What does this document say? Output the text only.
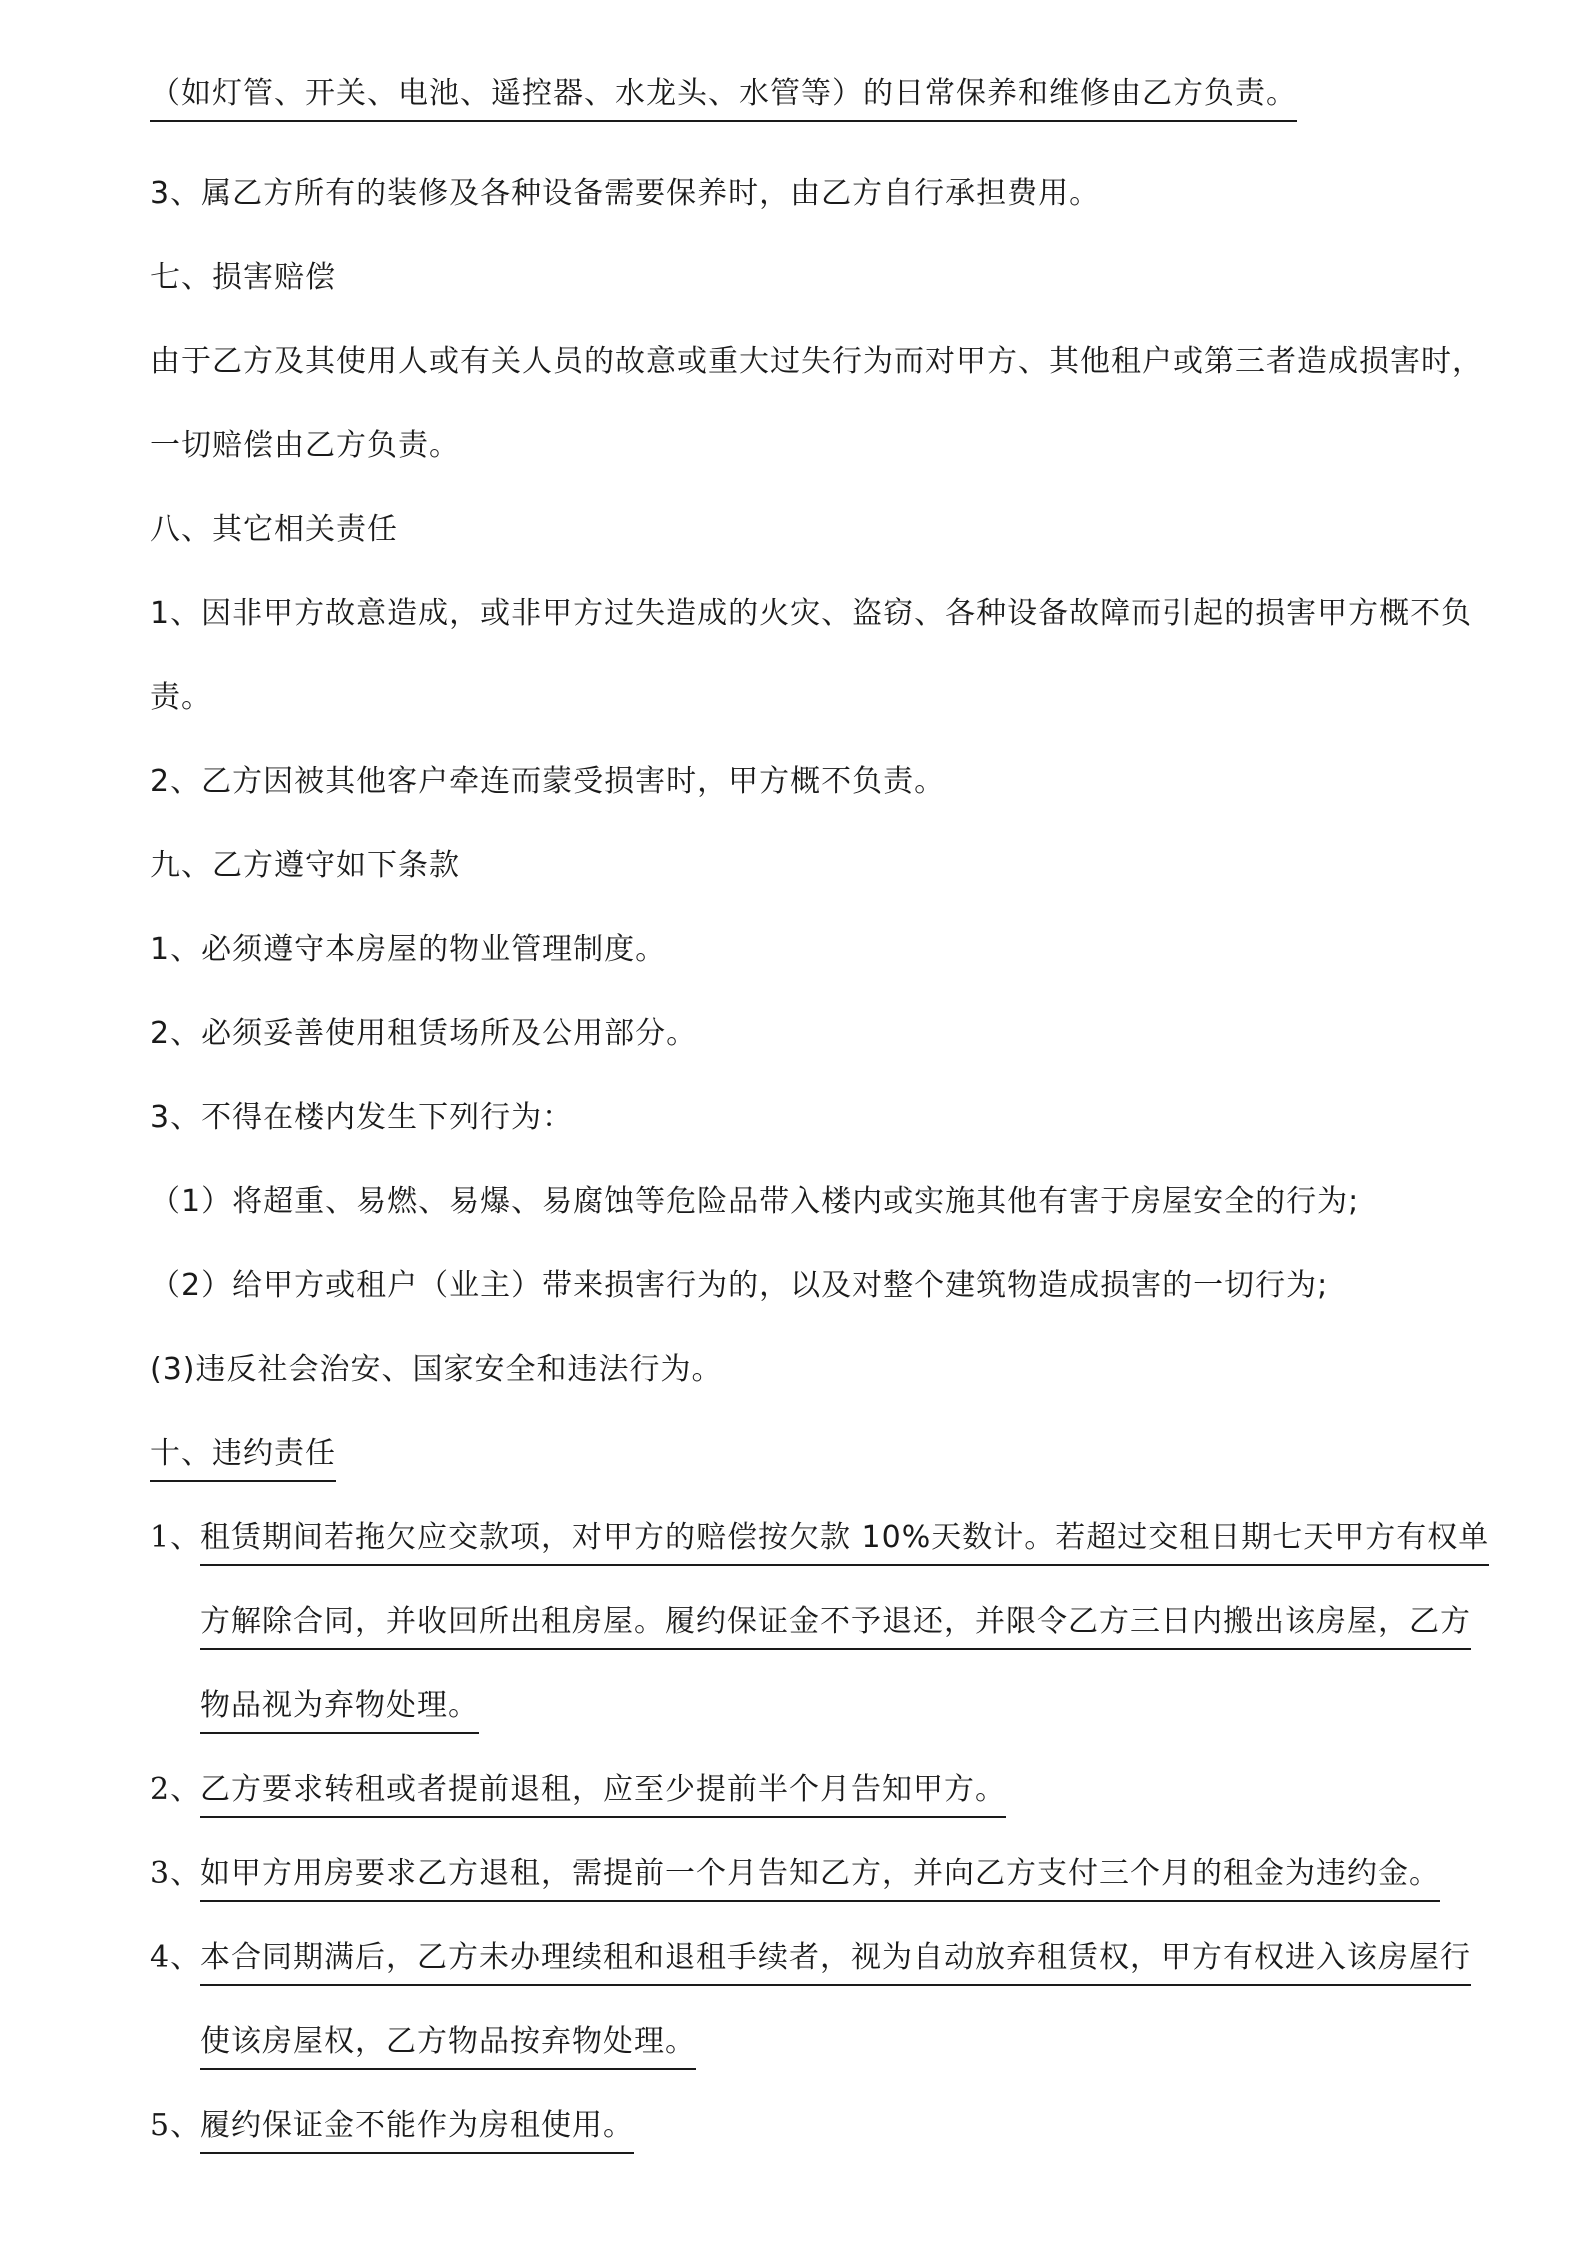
（如灯管、开关、电池、遥控器、水龙头、水管等）的日常保养和维修由乙方负责。
3、属乙方所有的装修及各种设备需要保养时，由乙方自行承担费用。
七、损害赔偿
由于乙方及其使用人或有关人员的故意或重大过失行为而对甲方、其他租户或第三者造成损害时，
一切赔偿由乙方负责。
八、其它相关责任
1、因非甲方故意造成，或非甲方过失造成的火灾、盗窃、各种设备故障而引起的损害甲方概不负
责。
2、乙方因被其他客户牵连而蒙受损害时，甲方概不负责。
九、乙方遵守如下条款
1、必须遵守本房屋的物业管理制度。
2、必须妥善使用租赁场所及公用部分。
3、不得在楼内发生下列行为：
（1）将超重、易燃、易爆、易腐蚀等危险品带入楼内或实施其他有害于房屋安全的行为;
（2）给甲方或租户（业主）带来损害行为的，以及对整个建筑物造成损害的一切行为;
(3)违反社会治安、国家安全和违法行为。
十、违约责任
1、
租赁期间若拖欠应交款项，对甲方的赔偿按欠款 10%天数计。若超过交租日期七天甲方有权单
方解除合同，并收回所出租房屋。履约保证金不予退还，并限令乙方三日内搬出该房屋，乙方
物品视为弃物处理。
2、
乙方要求转租或者提前退租，应至少提前半个月告知甲方。
3、
如甲方用房要求乙方退租，需提前一个月告知乙方，并向乙方支付三个月的租金为违约金。
4、
本合同期满后，乙方未办理续租和退租手续者，视为自动放弃租赁权，甲方有权进入该房屋行
使该房屋权，乙方物品按弃物处理。
5、
履约保证金不能作为房租使用。
